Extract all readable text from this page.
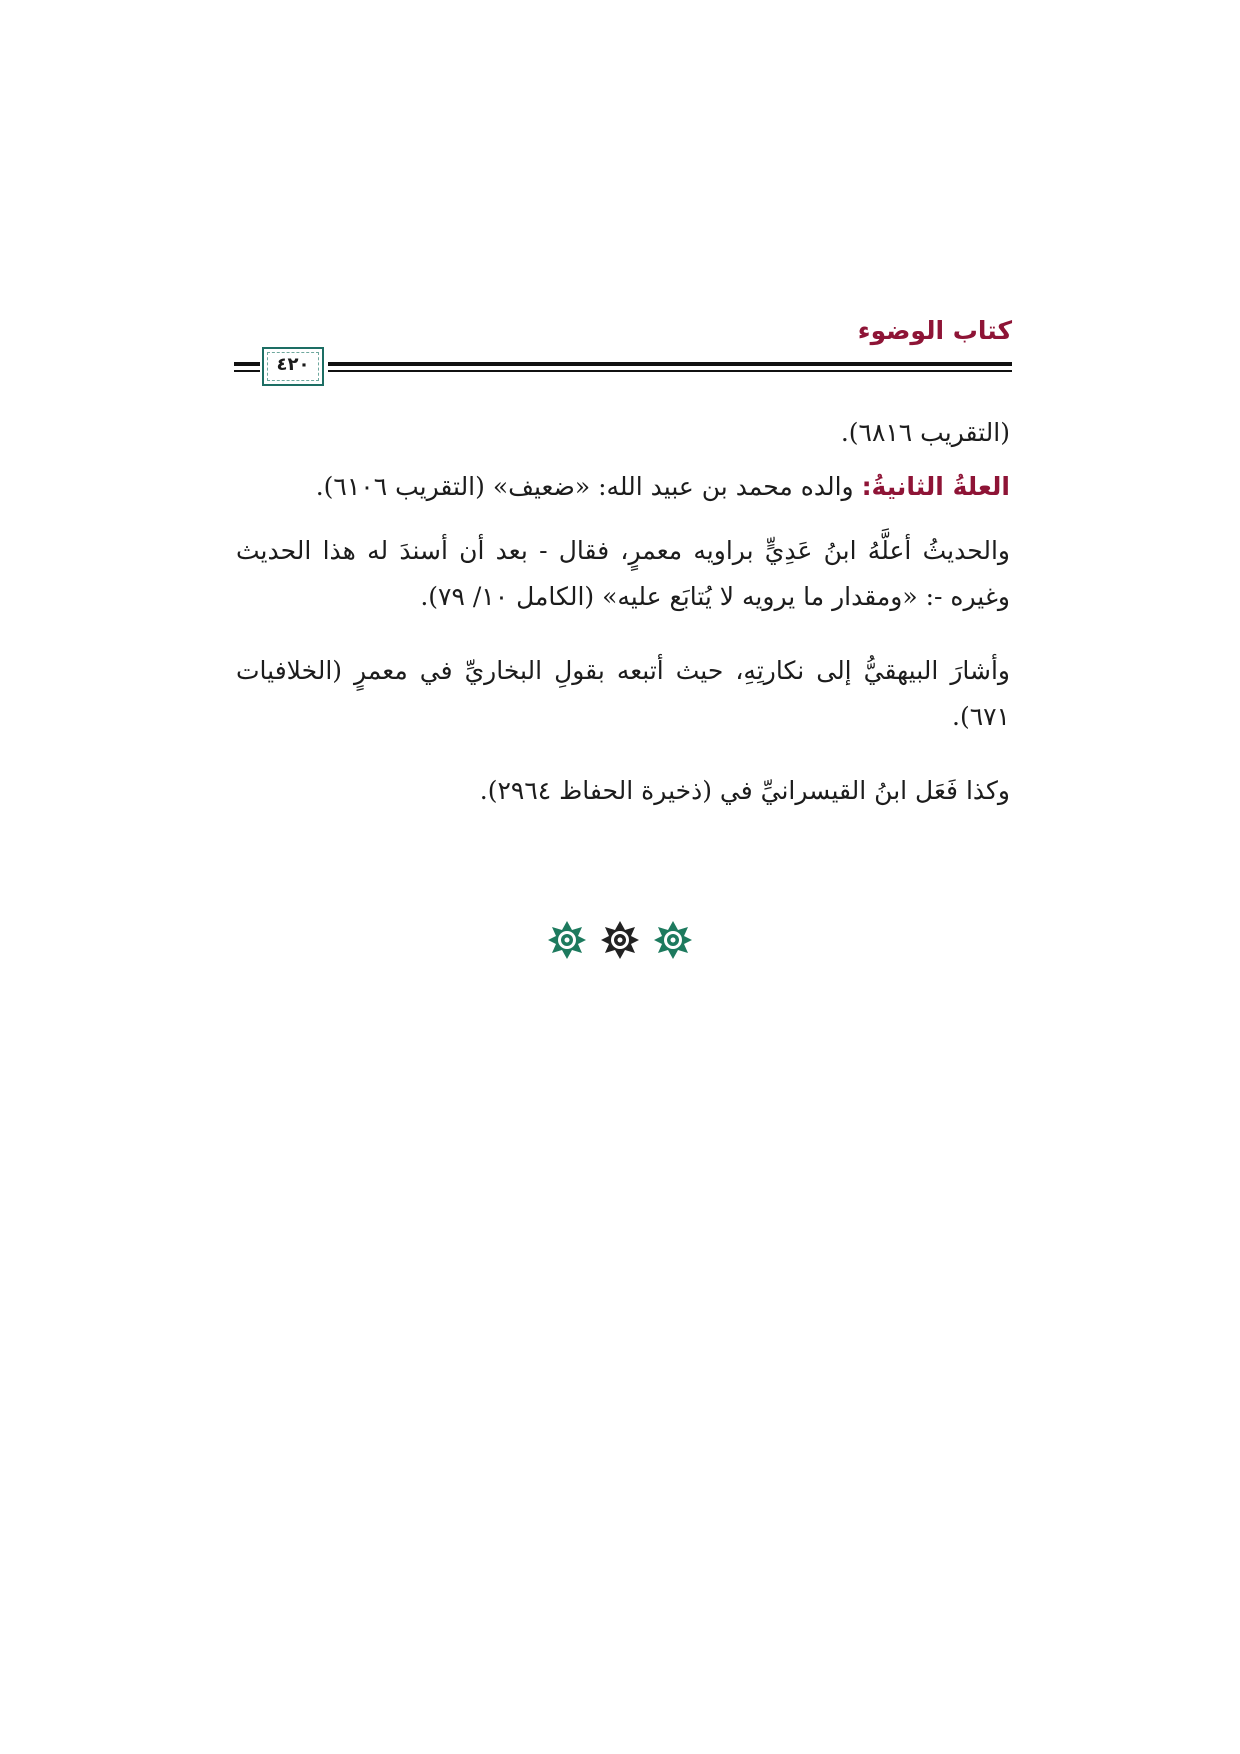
كتاب الوضوء
٤٢٠
(التقريب ٦٨١٦).
العلةُ الثانيةُ: والده محمد بن عبيد الله: «ضعيف» (التقريب ٦١٠٦).
والحديثُ أعلَّهُ ابنُ عَدِيٍّ براويه معمرٍ، فقال - بعد أن أسندَ له هذا الحديث
وغيره -: «ومقدار ما يرويه لا يُتابَع عليه» (الكامل ١٠/ ٧٩).
وأشارَ البيهقيُّ إلى نكارتِهِ، حيث أتبعه بقولِ البخاريِّ في معمرٍ (الخلافيات
٦٧١).
وكذا فَعَل ابنُ القيسرانيِّ في (ذخيرة الحفاظ ٢٩٦٤).
